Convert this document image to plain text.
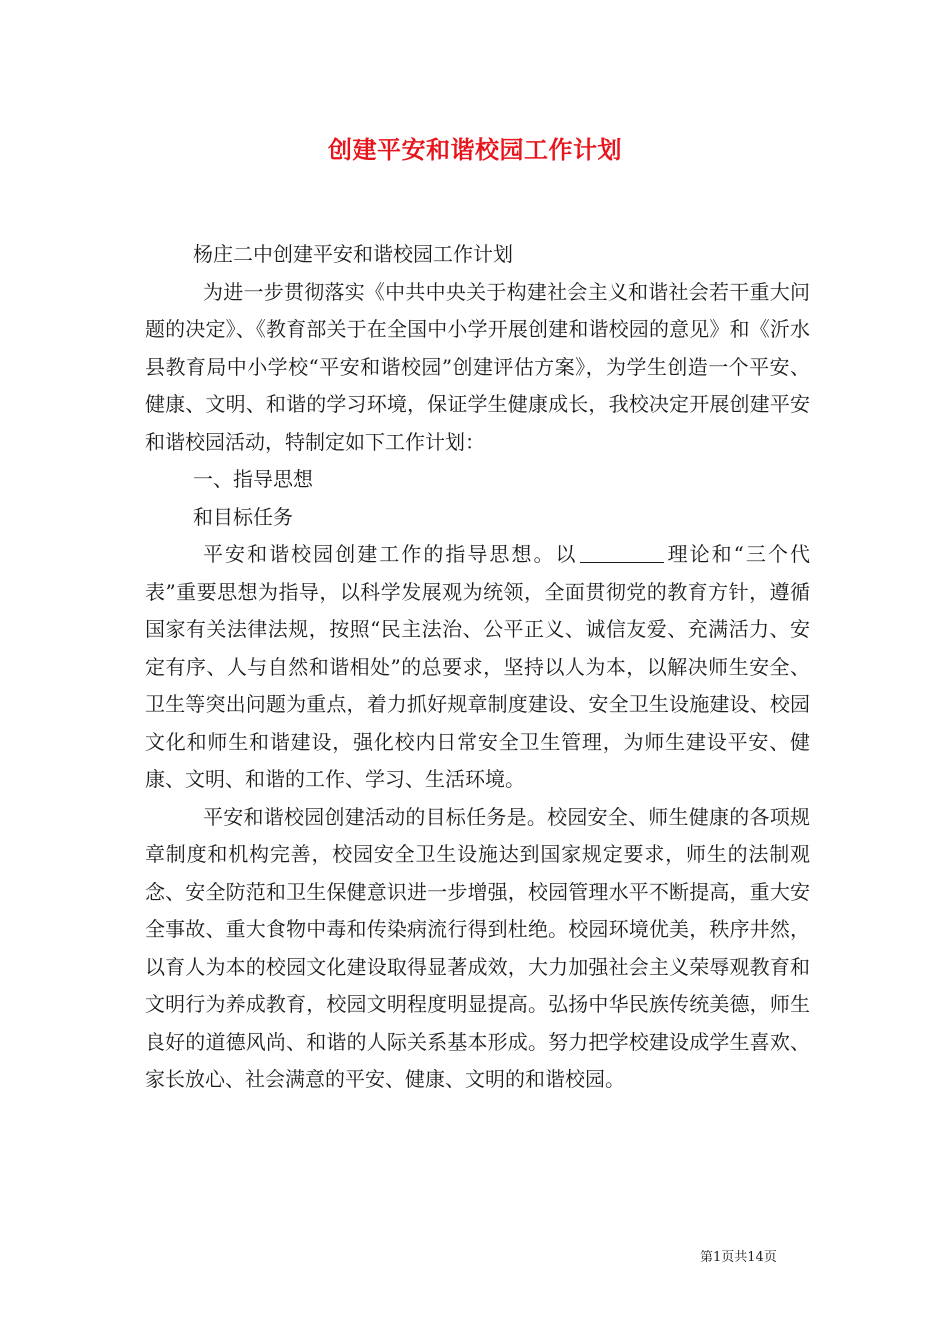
创建平安和谐校园工作计划

杨庄二中创建平安和谐校园工作计划

为进一步贯彻落实《中共中央关于构建社会主义和谐社会若干重大问题的决定》、《教育部关于在全国中小学开展创建和谐校园的意见》和《沂水县教育局中小学校“平安和谐校园”创建评估方案》，为学生创造一个平安、健康、文明、和谐的学习环境，保证学生健康成长，我校决定开展创建平安和谐校园活动，特制定如下工作计划：

一、指导思想

和目标任务

平安和谐校园创建工作的指导思想。以	理论和“三个代表”重要思想为指导，以科学发展观为统领，全面贯彻党的教育方针，遵循国家有关法律法规，按照“民主法治、公平正义、诚信友爱、充满活力、安定有序、人与自然和谐相处”的总要求，坚持以人为本，以解决师生安全、卫生等突出问题为重点，着力抓好规章制度建设、安全卫生设施建设、校园文化和师生和谐建设，强化校内日常安全卫生管理，为师生建设平安、健康、文明、和谐的工作、学习、生活环境。

平安和谐校园创建活动的目标任务是。校园安全、师生健康的各项规章制度和机构完善，校园安全卫生设施达到国家规定要求，师生的法制观念、安全防范和卫生保健意识进一步增强，校园管理水平不断提高，重大安全事故、重大食物中毒和传染病流行得到杜绝。校园环境优美，秩序井然，以育人为本的校园文化建设取得显著成效，大力加强社会主义荣辱观教育和文明行为养成教育，校园文明程度明显提高。弘扬中华民族传统美德，师生良好的道德风尚、和谐的人际关系基本形成。努力把学校建设成学生喜欢、家长放心、社会满意的平安、健康、文明的和谐校园。

第1页共14页
